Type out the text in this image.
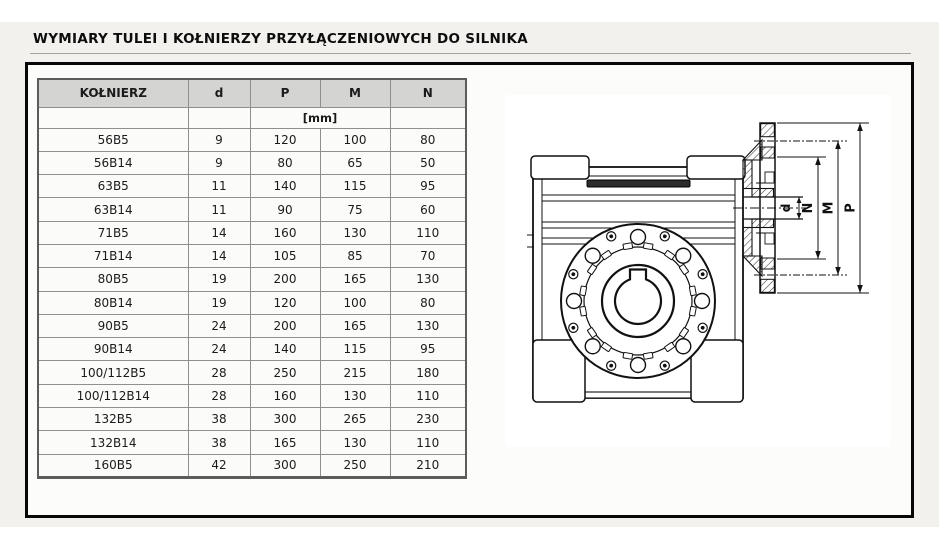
WYMIARY TULEI I KOŁNIERZY PRZYŁĄCZENIOWYCH DO SILNIKA
KOŁNIERZ	d	P	M	N
		[mm]		
56B5	9	120	100	80
56B14	9	80	65	50
63B5	11	140	115	95
63B14	11	90	75	60
71B5	14	160	130	110
71B14	14	105	85	70
80B5	19	200	165	130
80B14	19	120	100	80
90B5	24	200	165	130
90B14	24	140	115	95
100/112B5	28	250	215	180
100/112B14	28	160	130	110
132B5	38	300	265	230
132B14	38	165	130	110
160B5	42	300	250	210
d N M P
